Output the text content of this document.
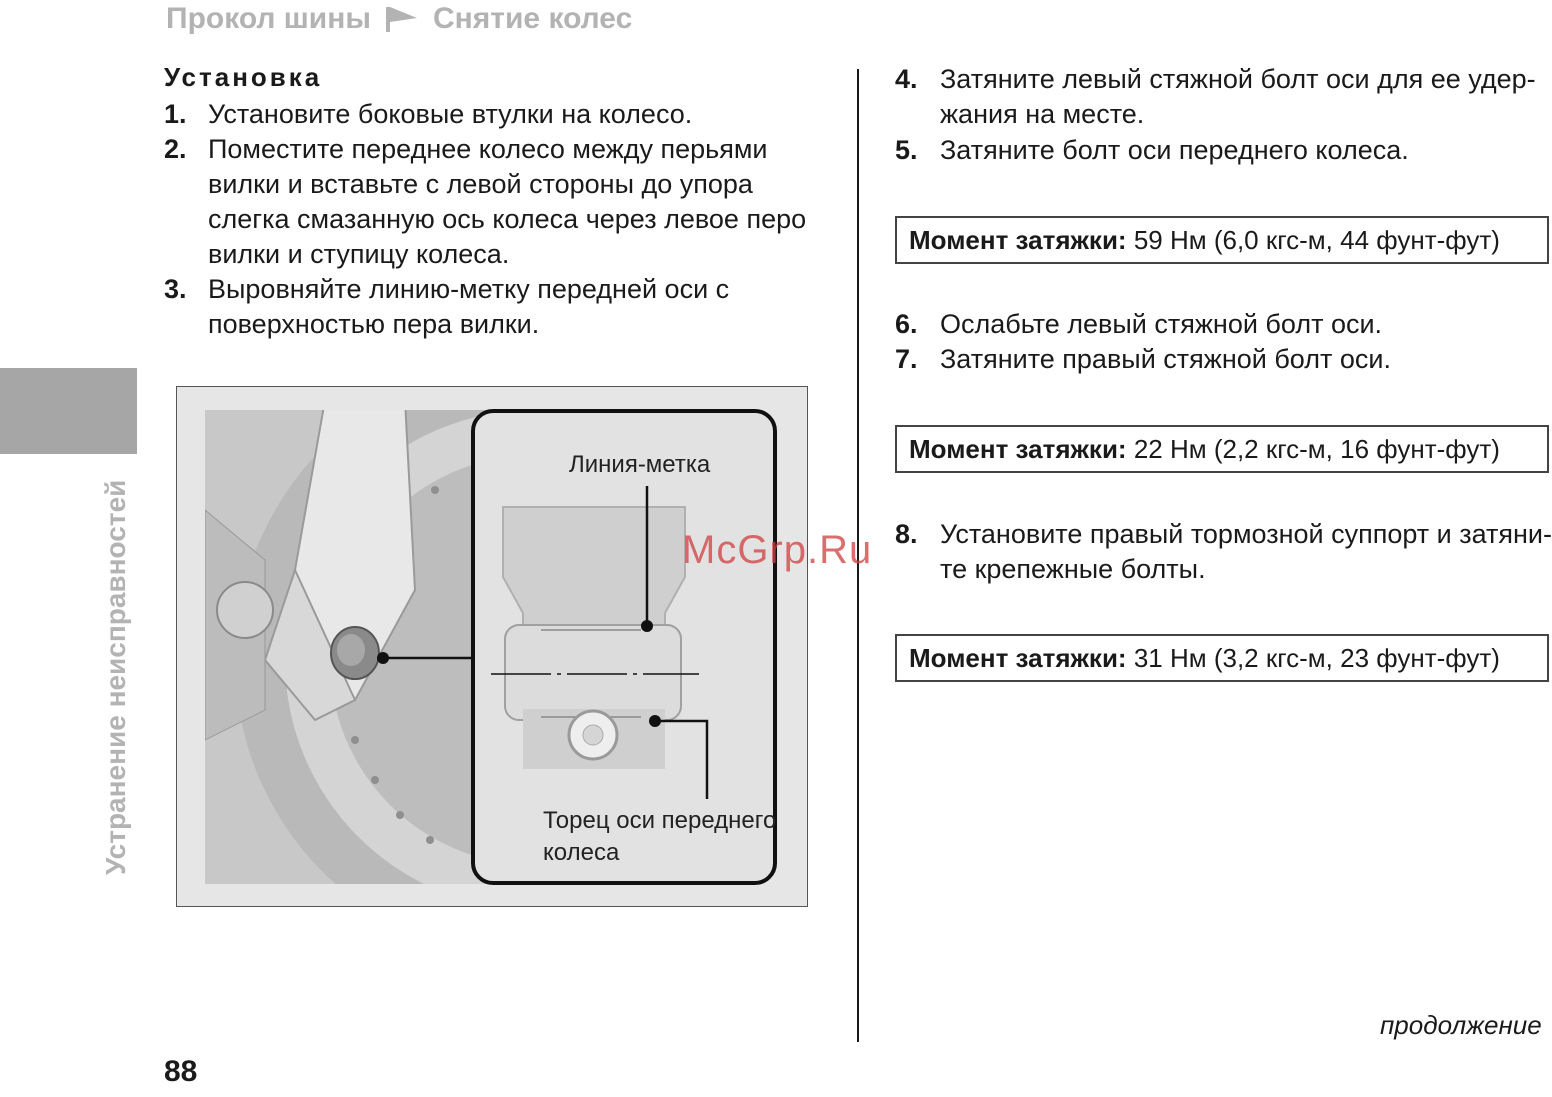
Прокол шины Снятие колес
Устранение неисправностей
Установка
1. Установите боковые втулки на колесо.
2. Поместите переднее колесо между перьями
вилки и вставьте с левой стороны до упора
слегка смазанную ось колеса через левое перо
вилки и ступицу колеса.
3. Выровняйте линию-метку передней оси с
поверхностью пера вилки.
Линия-метка
Торец оси переднего
колеса
4. Затяните левый стяжной болт оси для ее удер-
жания на месте.
5. Затяните болт оси переднего колеса.
Момент затяжки: 59 Нм (6,0 кгс-м, 44 фунт-фут)
6. Ослабьте левый стяжной болт оси.
7. Затяните правый стяжной болт оси.
Момент затяжки: 22 Нм (2,2 кгс-м, 16 фунт-фут)
8. Установите правый тормозной суппорт и затяни-
те крепежные болты.
Момент затяжки: 31 Нм (3,2 кгс-м, 23 фунт-фут)
McGrp.Ru
продолжение
88
